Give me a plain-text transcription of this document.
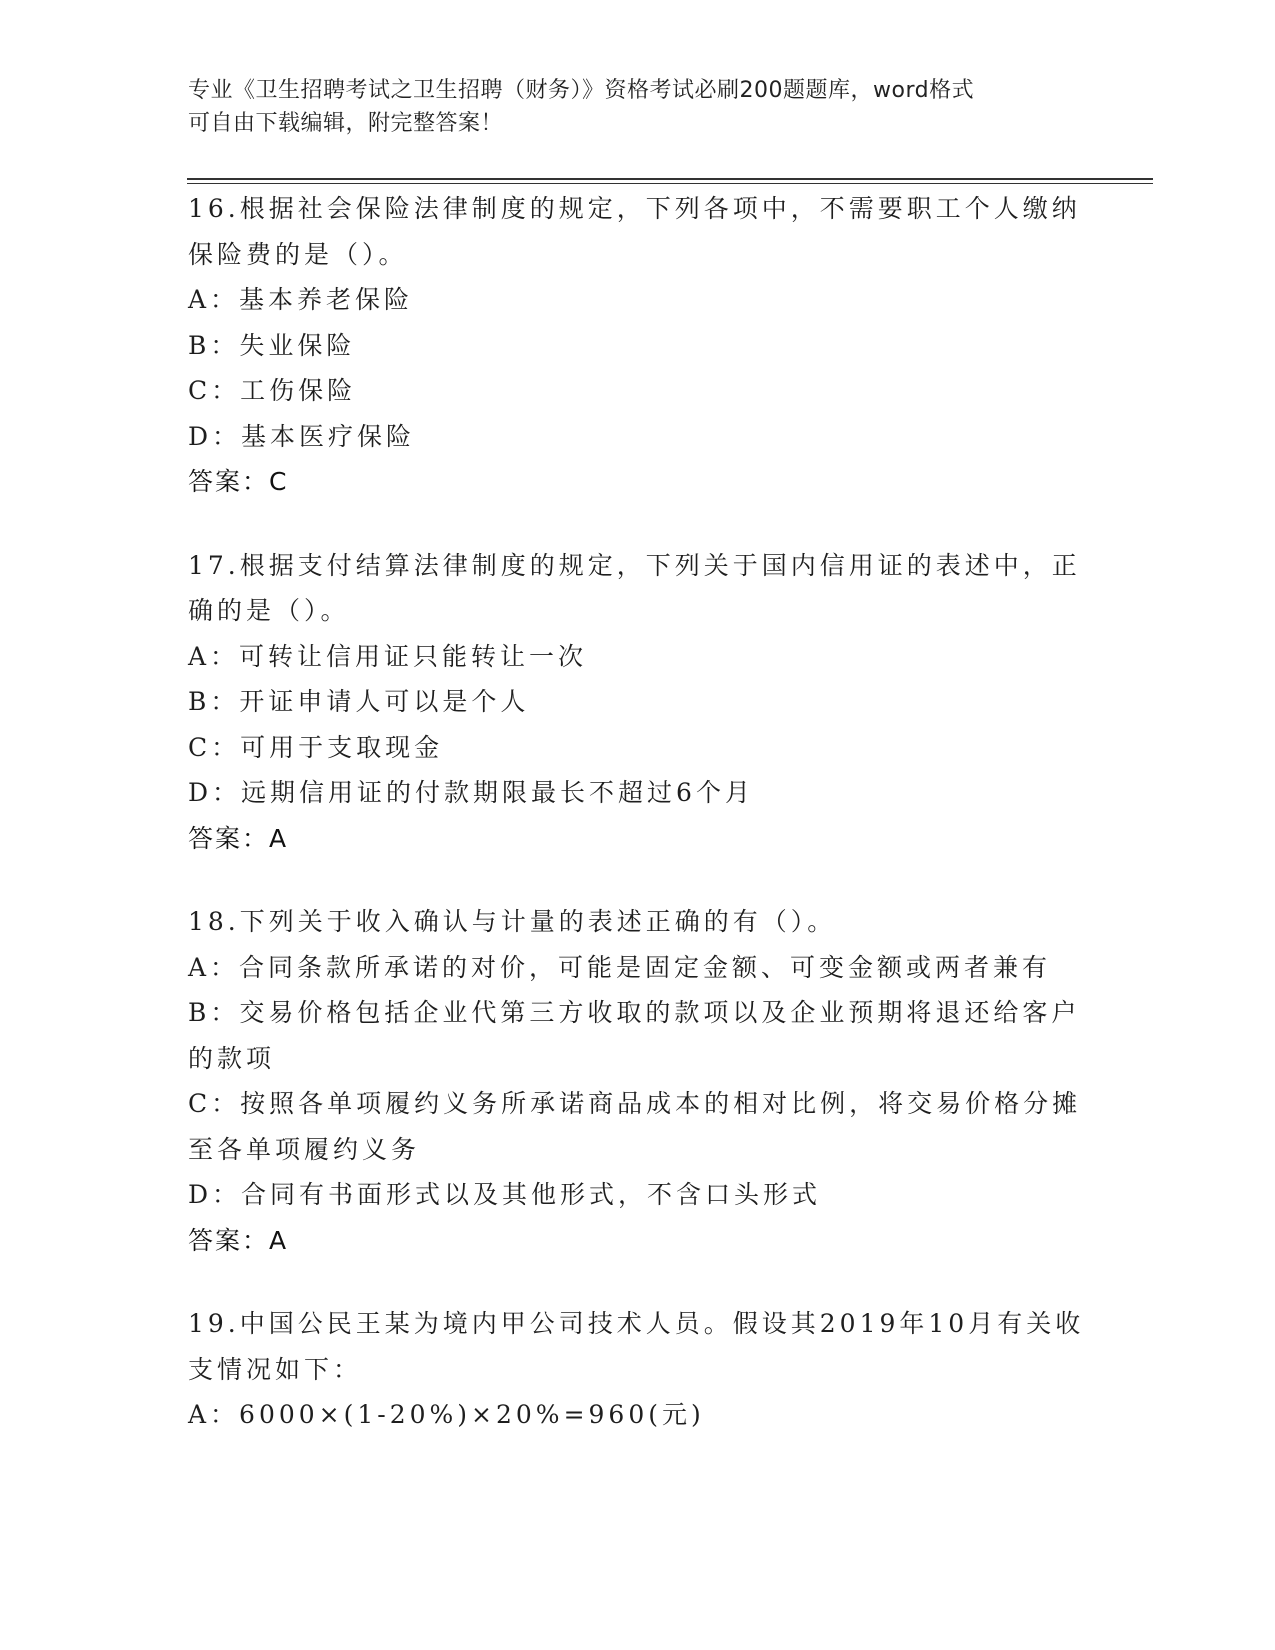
专业《卫生招聘考试之卫生招聘（财务）》资格考试必刷200题题库，word格式
可自由下载编辑，附完整答案！
16.根据社会保险法律制度的规定，下列各项中，不需要职工个人缴纳
保险费的是（）。
A：基本养老保险
B：失业保险
C：工伤保险
D：基本医疗保险
答案：C
17.根据支付结算法律制度的规定，下列关于国内信用证的表述中，正
确的是（）。
A：可转让信用证只能转让一次
B：开证申请人可以是个人
C：可用于支取现金
D：远期信用证的付款期限最长不超过6个月
答案：A
18.下列关于收入确认与计量的表述正确的有（）。
A：合同条款所承诺的对价，可能是固定金额、可变金额或两者兼有
B：交易价格包括企业代第三方收取的款项以及企业预期将退还给客户
的款项
C：按照各单项履约义务所承诺商品成本的相对比例，将交易价格分摊
至各单项履约义务
D：合同有书面形式以及其他形式，不含口头形式
答案：A
19.中国公民王某为境内甲公司技术人员。假设其2019年10月有关收
支情况如下：
A：6000×(1-20%)×20%=960(元)
